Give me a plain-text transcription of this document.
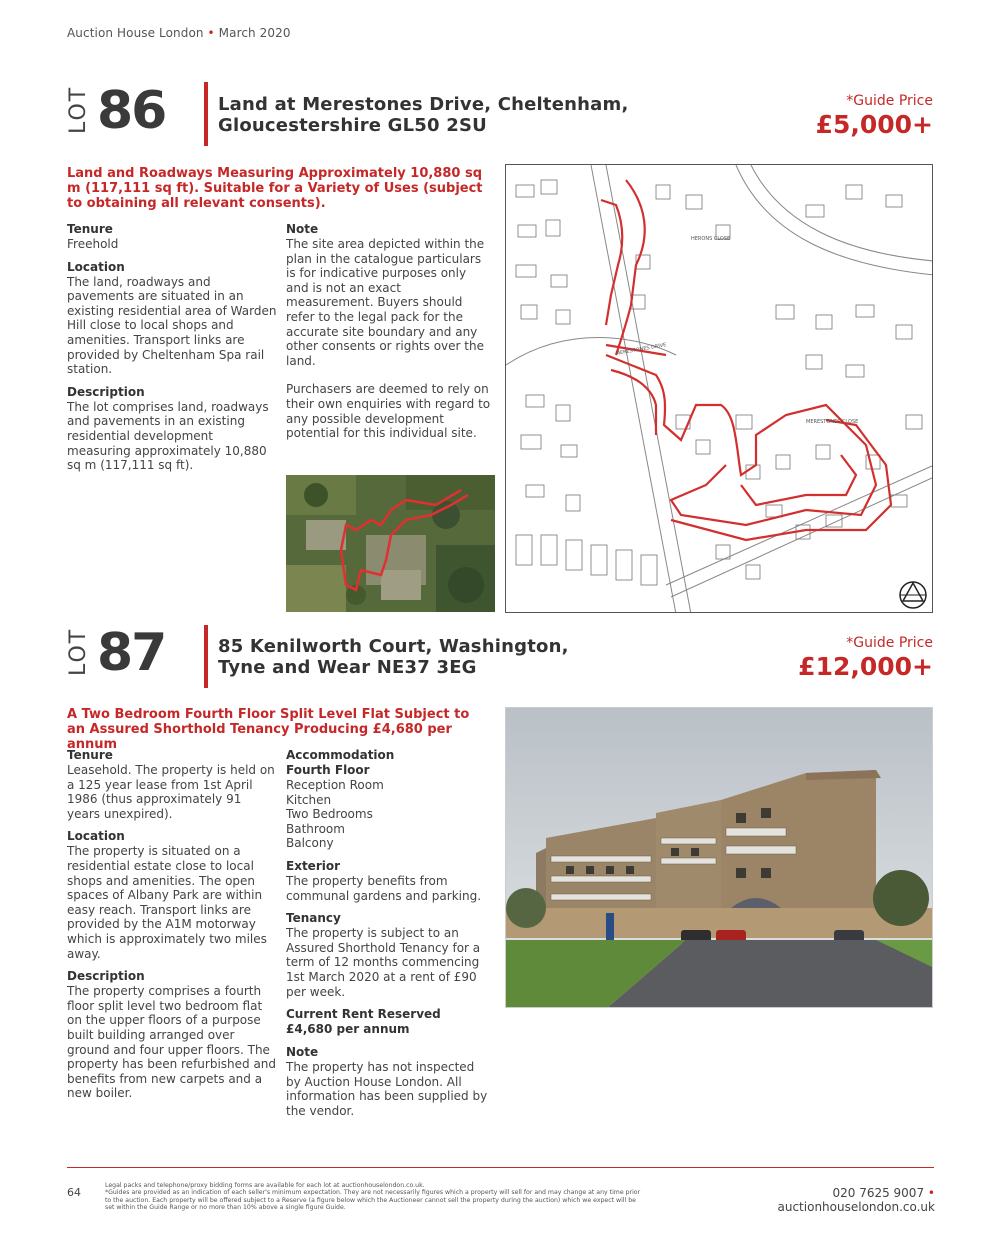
Auction House London • March 2020
LOT 86	Land at Merestones Drive, Cheltenham,
Gloucestershire GL50 2SU
*Guide Price
£5,000+
Land and Roadways Measuring Approximately 10,880 sq m (117,111 sq ft). Suitable for a Variety of Uses (subject to obtaining all relevant consents).
Tenure
Freehold
Location
The land, roadways and pavements are situated in an existing residential area of Warden Hill close to local shops and amenities. Transport links are provided by Cheltenham Spa rail station.
Description
The lot comprises land, roadways and pavements in an existing residential development measuring approximately 10,880 sq m (117,111 sq ft).
Note
The site area depicted within the plan in the catalogue particulars is for indicative purposes only and is not an exact measurement. Buyers should refer to the legal pack for the accurate site boundary and any other consents or rights over the land.
Purchasers are deemed to rely on their own enquiries with regard to any possible development potential for this individual site.
MERESTONES DRIVE
MERESTONES CLOSE
HERONS CLOSE
LOT 87	85 Kenilworth Court, Washington,
Tyne and Wear NE37 3EG
*Guide Price
£12,000+
A Two Bedroom Fourth Floor Split Level Flat Subject to an Assured Shorthold Tenancy Producing £4,680 per annum
Tenure
Leasehold. The property is held on a 125 year lease from 1st April 1986 (thus approximately 91 years unexpired).
Location
The property is situated on a residential estate close to local shops and amenities. The open spaces of Albany Park are within easy reach. Transport links are provided by the A1M motorway which is approximately two miles away.
Description
The property comprises a fourth floor split level two bedroom flat on the upper floors of a purpose built building arranged over ground and four upper floors. The property has been refurbished and benefits from new carpets and a new boiler.
Accommodation
Fourth Floor
Reception Room
Kitchen
Two Bedrooms
Bathroom
Balcony
Exterior
The property benefits from communal gardens and parking.
Tenancy
The property is subject to an Assured Shorthold Tenancy for a term of 12 months commencing 1st March 2020 at a rent of £90 per week.
Current Rent Reserved £4,680 per annum
Note
The property has not inspected by Auction House London. All information has been supplied by the vendor.
64
Legal packs and telephone/proxy bidding forms are available for each lot at auctionhouselondon.co.uk.
*Guides are provided as an indication of each seller's minimum expectation. They are not necessarily figures which a property will sell for and may change at any time prior to the auction. Each property will be offered subject to a Reserve (a figure below which the Auctioneer cannot sell the property during the auction) which we expect will be set within the Guide Range or no more than 10% above a single figure Guide.
020 7625 9007 • auctionhouselondon.co.uk
